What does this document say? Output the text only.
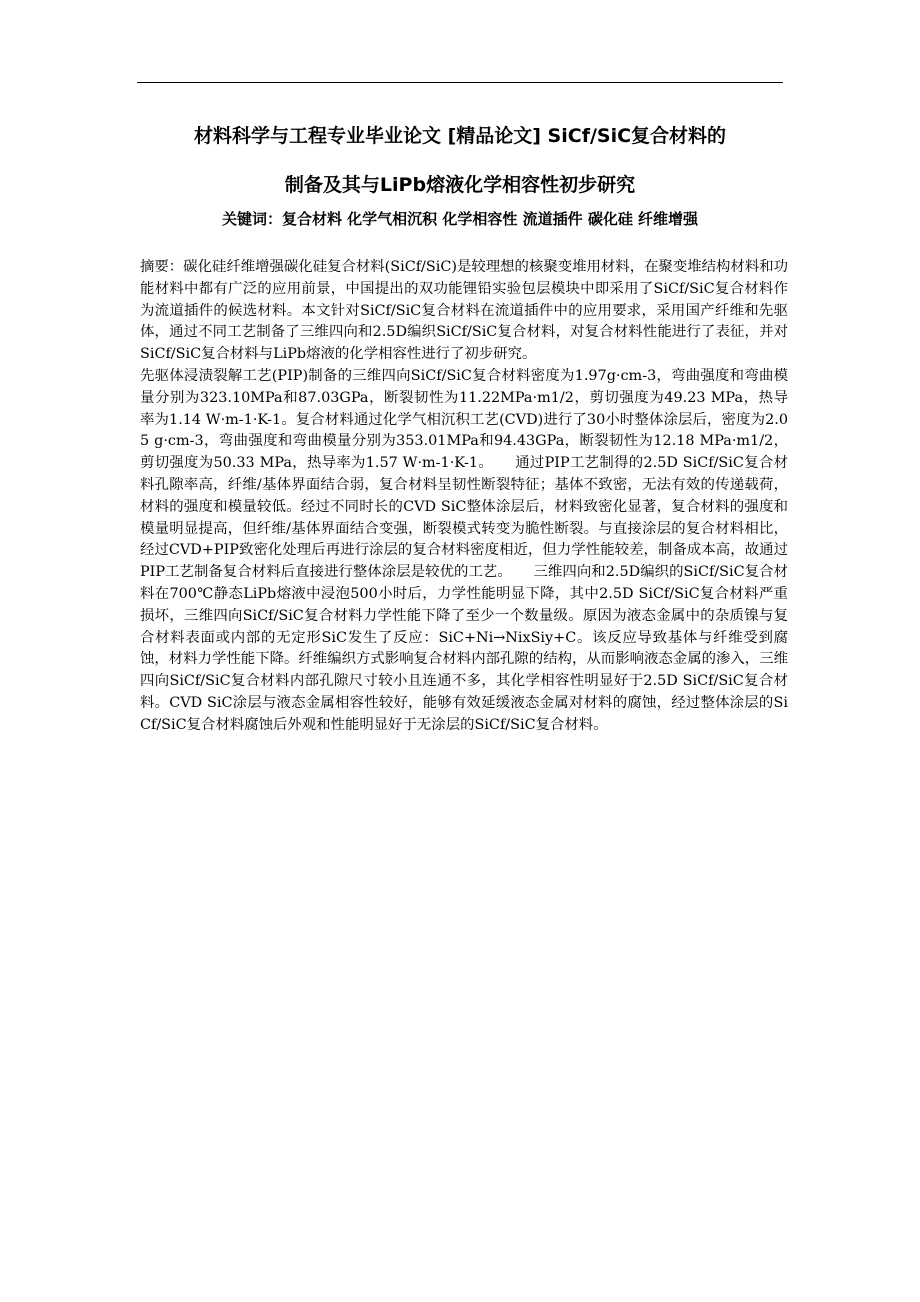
材料科学与工程专业毕业论文 [精品论文] SiCf/SiC复合材料的
制备及其与LiPb熔液化学相容性初步研究
关键词：复合材料 化学气相沉积 化学相容性 流道插件 碳化硅 纤维增强

摘要：碳化硅纤维增强碳化硅复合材料(SiCf/SiC)是较理想的核聚变堆用材料，在聚变堆结构材料和功能材料中都有广泛的应用前景，中国提出的双功能锂铅实验包层模块中即采用了SiCf/SiC复合材料作为流道插件的候选材料。本文针对SiCf/SiC复合材料在流道插件中的应用要求，采用国产纤维和先驱体，通过不同工艺制备了三维四向和2.5D编织SiCf/SiC复合材料，对复合材料性能进行了表征，并对SiCf/SiC复合材料与LiPb熔液的化学相容性进行了初步研究。

先驱体浸渍裂解工艺(PIP)制备的三维四向SiCf/SiC复合材料密度为1.97g·cm-3，弯曲强度和弯曲模量分别为323.10MPa和87.03GPa，断裂韧性为11.22MPa·m1/2，剪切强度为49.23 MPa，热导率为1.14 W·m-1·K-1。复合材料通过化学气相沉积工艺(CVD)进行了30小时整体涂层后，密度为2.05 g·cm-3，弯曲强度和弯曲模量分别为353.01MPa和94.43GPa，断裂韧性为12.18 MPa·m1/2，剪切强度为50.33 MPa，热导率为1.57 W·m-1·K-1。　　通过PIP工艺制得的2.5D SiCf/SiC复合材料孔隙率高，纤维/基体界面结合弱，复合材料呈韧性断裂特征；基体不致密，无法有效的传递载荷，材料的强度和模量较低。经过不同时长的CVD SiC整体涂层后，材料致密化显著，复合材料的强度和模量明显提高，但纤维/基体界面结合变强，断裂模式转变为脆性断裂。与直接涂层的复合材料相比，经过CVD+PIP致密化处理后再进行涂层的复合材料密度相近，但力学性能较差，制备成本高，故通过PIP工艺制备复合材料后直接进行整体涂层是较优的工艺。　　三维四向和2.5D编织的SiCf/SiC复合材料在700℃静态LiPb熔液中浸泡500小时后，力学性能明显下降，其中2.5D SiCf/SiC复合材料严重损坏，三维四向SiCf/SiC复合材料力学性能下降了至少一个数量级。原因为液态金属中的杂质镍与复合材料表面或内部的无定形SiC发生了反应：SiC+Ni→NixSiy+C。该反应导致基体与纤维受到腐蚀，材料力学性能下降。纤维编织方式影响复合材料内部孔隙的结构，从而影响液态金属的渗入，三维四向SiCf/SiC复合材料内部孔隙尺寸较小且连通不多，其化学相容性明显好于2.5D SiCf/SiC复合材料。CVD SiC涂层与液态金属相容性较好，能够有效延缓液态金属对材料的腐蚀，经过整体涂层的SiCf/SiC复合材料腐蚀后外观和性能明显好于无涂层的SiCf/SiC复合材料。
